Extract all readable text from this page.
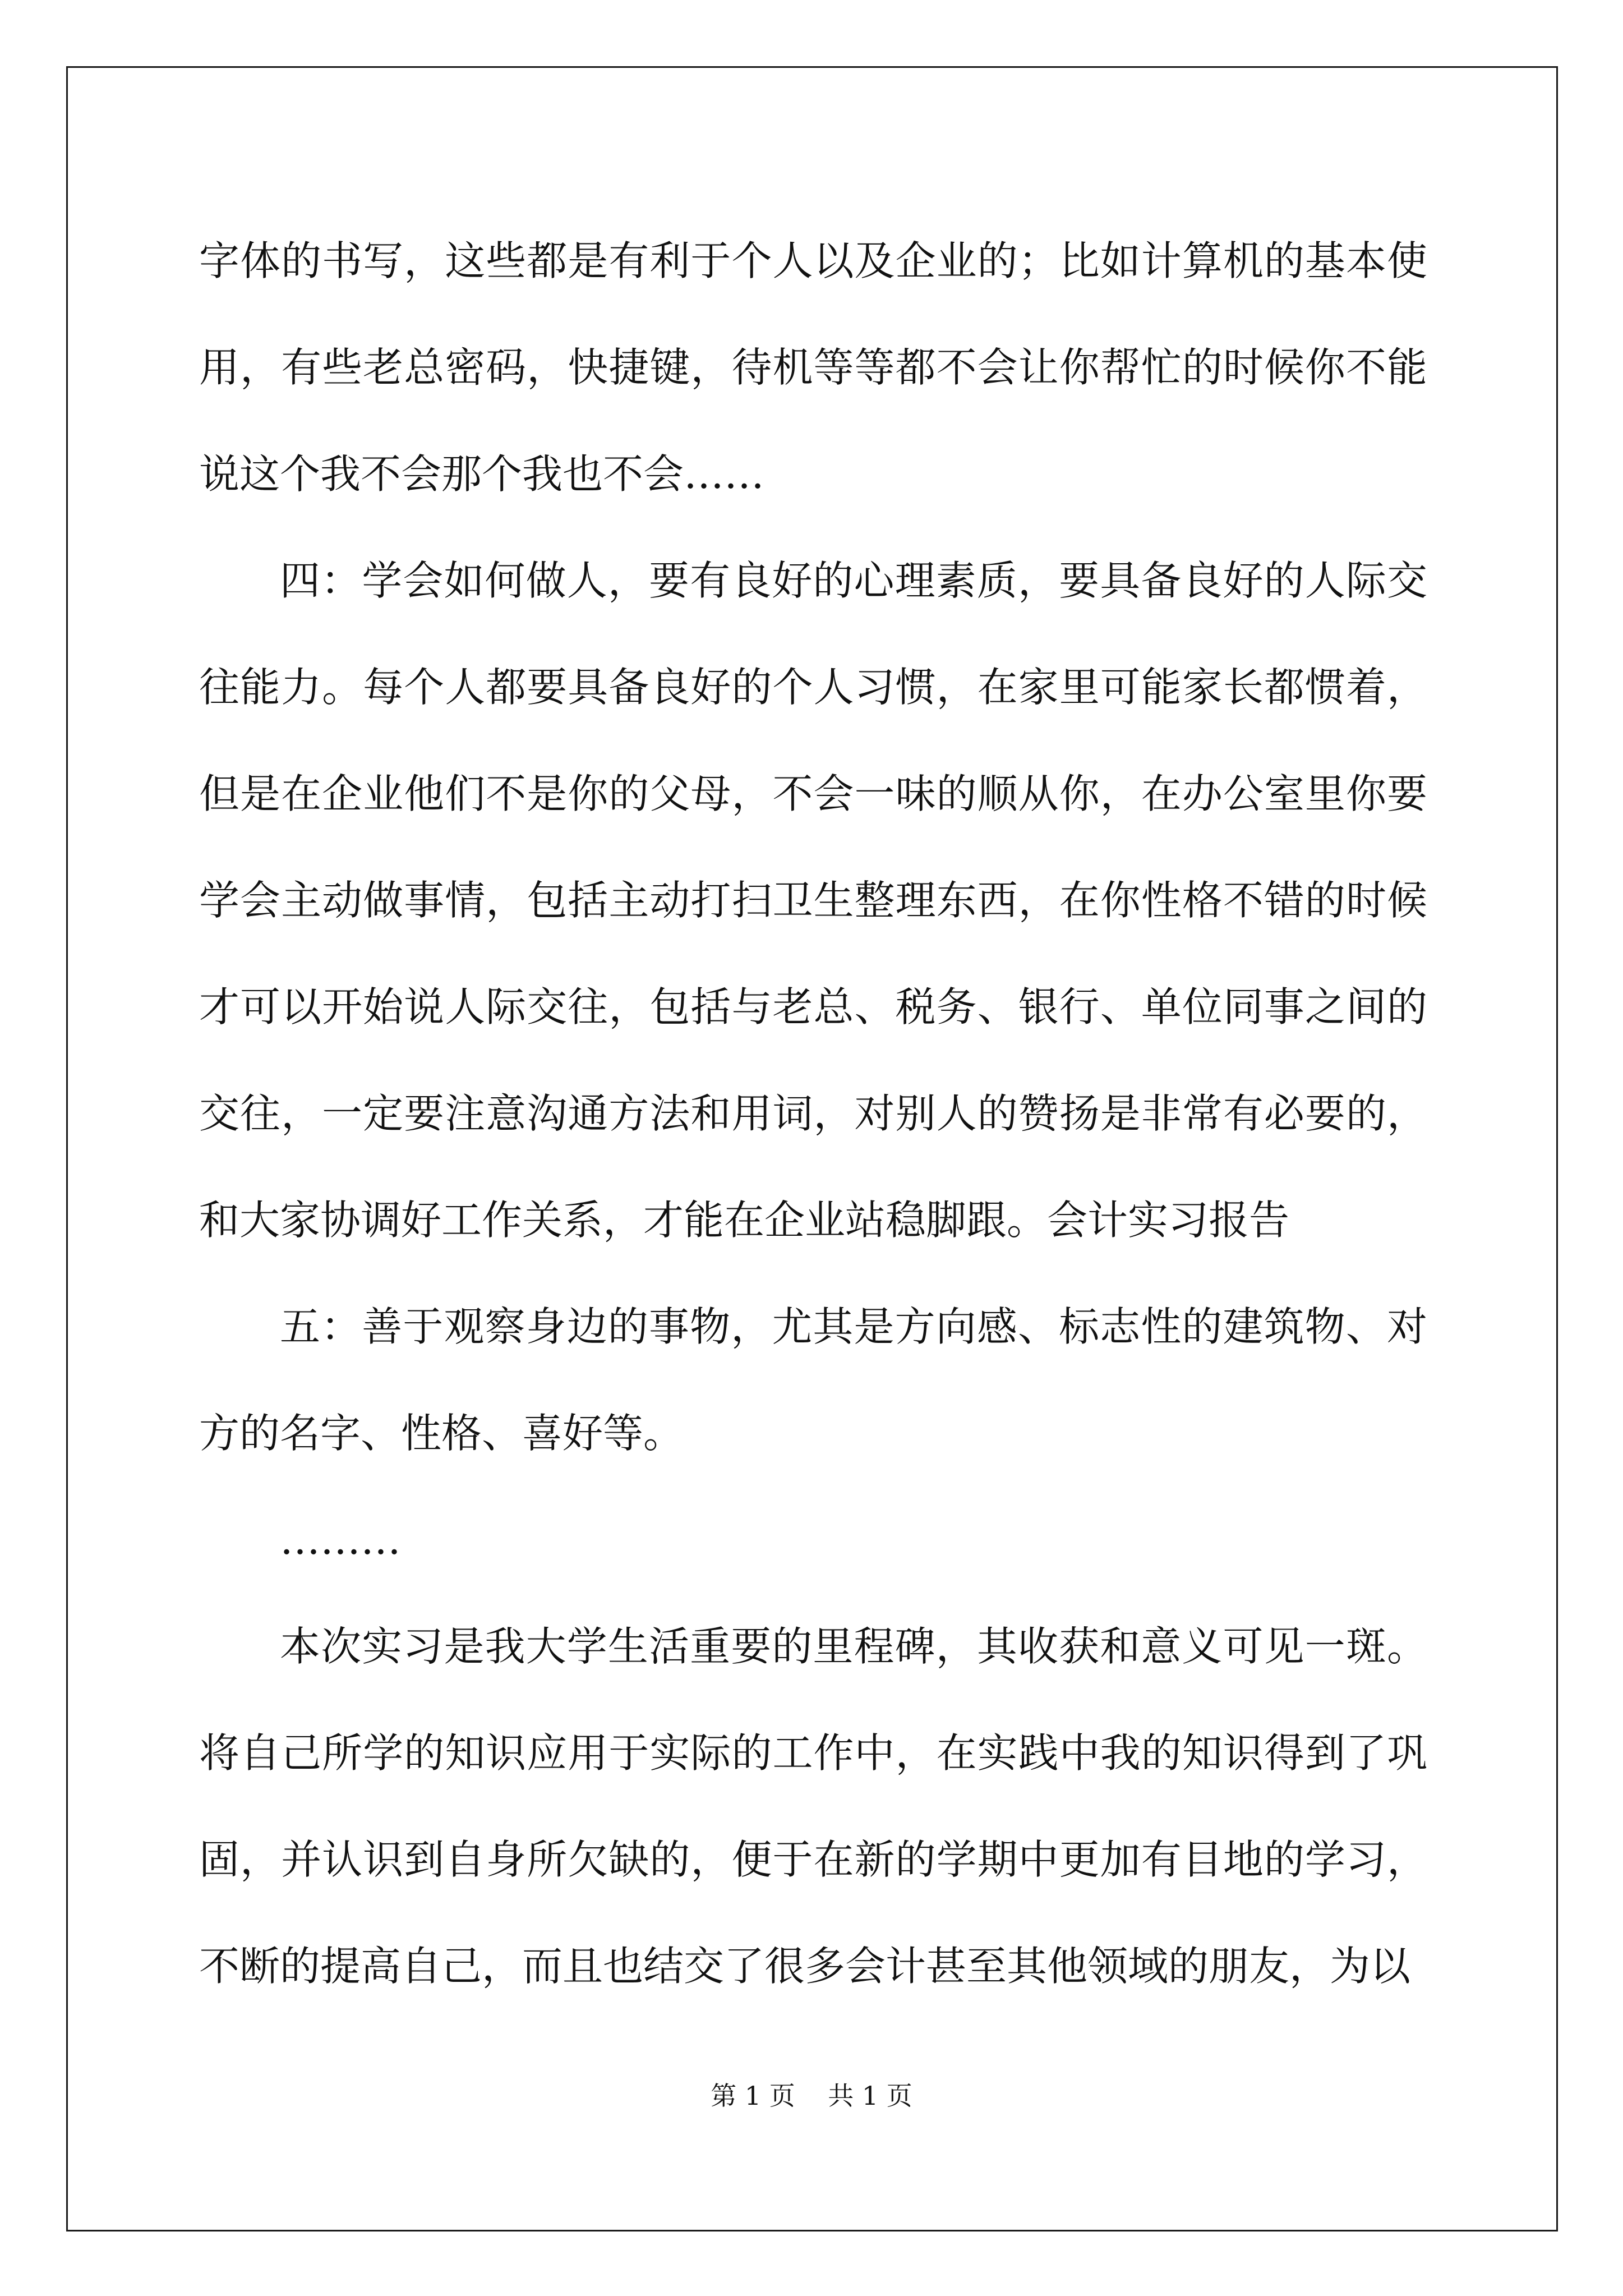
字体的书写，这些都是有利于个人以及企业的；比如计算机的基本使用，有些老总密码，快捷键，待机等等都不会让你帮忙的时候你不能说这个我不会那个我也不会……

四：学会如何做人，要有良好的心理素质，要具备良好的人际交往能力。每个人都要具备良好的个人习惯，在家里可能家长都惯着，但是在企业他们不是你的父母，不会一味的顺从你，在办公室里你要学会主动做事情，包括主动打扫卫生整理东西，在你性格不错的时候才可以开始说人际交往，包括与老总、税务、银行、单位同事之间的交往，一定要注意沟通方法和用词，对别人的赞扬是非常有必要的，和大家协调好工作关系，才能在企业站稳脚跟。会计实习报告

五：善于观察身边的事物，尤其是方向感、标志性的建筑物、对方的名字、性格、喜好等。

………

本次实习是我大学生活重要的里程碑，其收获和意义可见一斑。将自己所学的知识应用于实际的工作中，在实践中我的知识得到了巩固，并认识到自身所欠缺的，便于在新的学期中更加有目地的学习，不断的提高自己，而且也结交了很多会计甚至其他领域的朋友，为以

第 1 页    共 1 页
